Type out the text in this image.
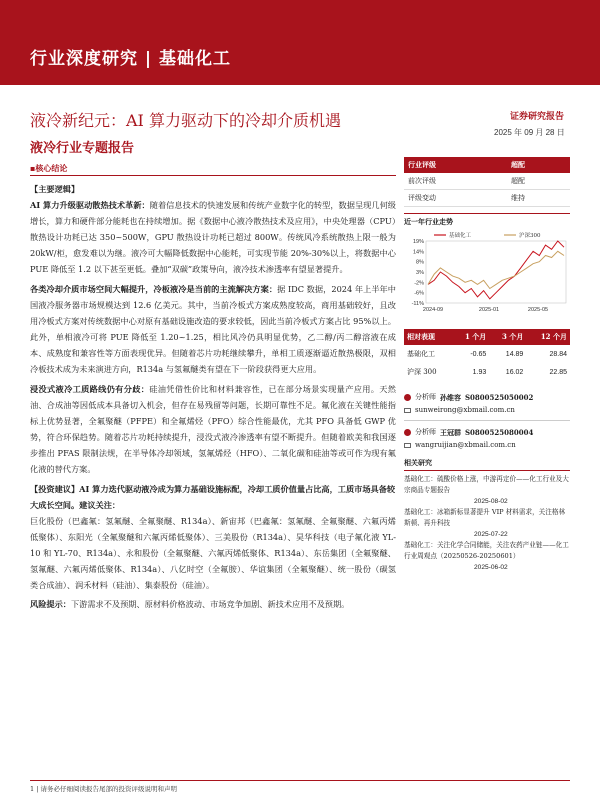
行业深度研究 | 基础化工
液冷新纪元：AI 算力驱动下的冷却介质机遇
液冷行业专题报告
证券研究报告
2025 年 09 月 28 日
▪核心结论
【主要逻辑】
AI 算力升级驱动散热技术革新：随着信息技术的快速发展和传统产业数字化的转型，数据呈现几何级增长，算力和硬件部分能耗也在持续增加。据《数据中心液冷散热技术及应用》，中央处理器（CPU）散热设计功耗已达 350~500W，GPU 散热设计功耗已超过 800W。传统风冷系统散热上限一般为 20kW/柜，愈发难以为继。液冷可大幅降低数据中心能耗，可实现节能 20%-30%以上，将数据中心 PUE 降低至 1.2 以下甚至更低。叠加“双碳”政策导向，液冷技术渗透率有望显著提升。
各类冷却介质市场空间大幅提升，冷板液冷是当前的主流解决方案：据 IDC 数据，2024 年上半年中国液冷服务器市场规模达到 12.6 亿美元。其中，当前冷板式方案成熟度较高，商用基础较好，且改用冷板式方案对传统数据中心对原有基础设施改造的要求较低，因此当前冷板式方案占比 95%以上。此外，单相液冷可将 PUE 降低至 1.20~1.25，相比风冷仍具明显优势，乙二醇/丙二醇溶液在成本、成熟度和兼容性等方面表现优异。但随着芯片功耗继续攀升，单相工质逐渐逼近散热极限，双相冷板技术成为未来演进方向，R134a 与氢氟醚类有望在下一阶段获得更大应用。
浸没式液冷工质路线仍有分歧：硅油凭借性价比和材料兼容性，已在部分场景实现量产应用。天然油、合成油等因低成本具备切入机会，但存在易残留等问题，长期可靠性不足。氟化液在关键性能指标上优势显著，全氟聚醚（PFPE）和全氟烯烃（PFO）综合性能最优，尤其 PFO 具备低 GWP 优势，符合环保趋势。随着芯片功耗持续提升，浸没式液冷渗透率有望不断提升。但随着欧美和我国逐步推出 PFAS 限制法规，在半导体冷却领域，氢氟烯烃（HFO）、二氧化碳和硅油等或可作为现有氟化液的替代方案。
【投资建议】AI 算力迭代驱动液冷成为算力基础设施标配，冷却工质价值量占比高，工质市场具备较大成长空间。建议关注：
巨化股份（巴鑫氟：氢氟醚、全氟聚醚、R134a）、新宙邦（巴鑫氟：氢氟醚、全氟聚醚、六氟丙烯低聚体）、东阳光（全氟聚醚和六氟丙烯低聚体）、三美股份（R134a）、昊华科技（电子氟化液 YL-10 和 YL-70、R134a）、永和股份（全氟聚醚、六氟丙烯低聚体、R134a）、东岳集团（全氟聚醚、氢氟醚、六氟丙烯低聚体、R134a）、八亿时空（全氟胺）、华谊集团（全氟聚醚）、统一股份（碳氢类合成油）、润禾材料（硅油）、集泰股份（硅油）。
风险提示：下游需求不及预期、原材料价格波动、市场竞争加剧、新技术应用不及预期。
行业评级	超配
前次评级	超配
评级变动	维持
近一年行业走势
19%
14%
8%
3%
-2%
-6%
-11%
2024-09	2025-01	2025-05
基础化工	沪深300
相对表现	1 个月	3 个月	12 个月
基础化工	-0.65	14.89	28.84
沪深 300	1.93	16.02	22.85
分析师 孙维容 S0800525050002
sunweirong@xbmail.com.cn
分析师 王冠群 S0800525080004
wangruijian@xbmail.com.cn
相关研究
基础化工：硫酸价格上涨，中游再定价——化工行业及大宗商品专题报告
2025-08-02
基础化工：冰箱新标显著提升 VIP 材料需求，关注格林斯顿、再升科技
2025-07-22
基础化工：关注化学合同储能，关注农药产业链——化工行业周观点（20250526-20250601）
2025-06-02
1 | 请务必仔细阅读报告尾部的投资评级说明和声明
